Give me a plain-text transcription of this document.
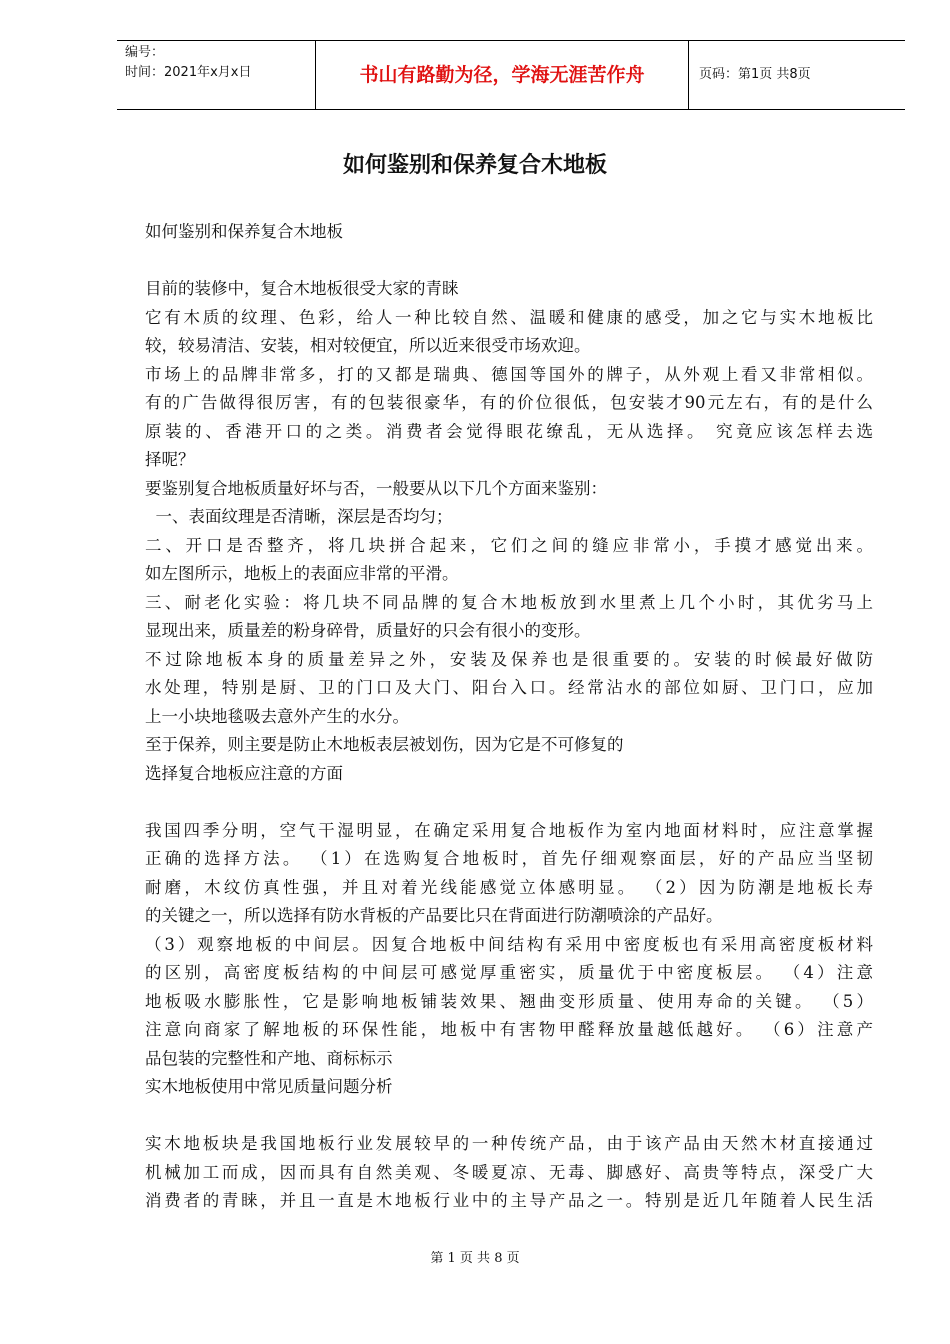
编号：
时间：2021年x月x日	书山有路勤为径，学海无涯苦作舟	页码：第1页 共8页
如何鉴别和保养复合木地板
如何鉴别和保养复合木地板
目前的装修中，复合木地板很受大家的青睐
它有木质的纹理、色彩，给人一种比较自然、温暖和健康的感受，加之它与实木地板比
较，较易清洁、安装，相对较便宜，所以近来很受市场欢迎。
市场上的品牌非常多，打的又都是瑞典、德国等国外的牌子，从外观上看又非常相似。
有的广告做得很厉害，有的包装很豪华，有的价位很低，包安装才90元左右，有的是什么
原装的、香港开口的之类。消费者会觉得眼花缭乱，无从选择。 究竟应该怎样去选
择呢？
要鉴别复合地板质量好坏与否，一般要从以下几个方面来鉴别：
一、表面纹理是否清晰，深层是否均匀；
二、开口是否整齐，将几块拼合起来，它们之间的缝应非常小，手摸才感觉出来。
如左图所示，地板上的表面应非常的平滑。
三、耐老化实验：将几块不同品牌的复合木地板放到水里煮上几个小时，其优劣马上
显现出来，质量差的粉身碎骨，质量好的只会有很小的变形。
不过除地板本身的质量差异之外，安装及保养也是很重要的。安装的时候最好做防
水处理，特别是厨、卫的门口及大门、阳台入口。经常沾水的部位如厨、卫门口，应加
上一小块地毯吸去意外产生的水分。
至于保养，则主要是防止木地板表层被划伤，因为它是不可修复的
选择复合地板应注意的方面
我国四季分明，空气干湿明显，在确定采用复合地板作为室内地面材料时，应注意掌握
正确的选择方法。 （1）在选购复合地板时，首先仔细观察面层，好的产品应当坚韧
耐磨，木纹仿真性强，并且对着光线能感觉立体感明显。 （2）因为防潮是地板长寿
的关键之一，所以选择有防水背板的产品要比只在背面进行防潮喷涂的产品好。
（3）观察地板的中间层。因复合地板中间结构有采用中密度板也有采用高密度板材料
的区别，高密度板结构的中间层可感觉厚重密实，质量优于中密度板层。 （4）注意
地板吸水膨胀性，它是影响地板铺装效果、翘曲变形质量、使用寿命的关键。 （5）
注意向商家了解地板的环保性能，地板中有害物甲醛释放量越低越好。 （6）注意产
品包装的完整性和产地、商标标示
实木地板使用中常见质量问题分析
实木地板块是我国地板行业发展较早的一种传统产品，由于该产品由天然木材直接通过
机械加工而成，因而具有自然美观、冬暖夏凉、无毒、脚感好、高贵等特点，深受广大
消费者的青睐，并且一直是木地板行业中的主导产品之一。特别是近几年随着人民生活
第 1 页 共 8 页
